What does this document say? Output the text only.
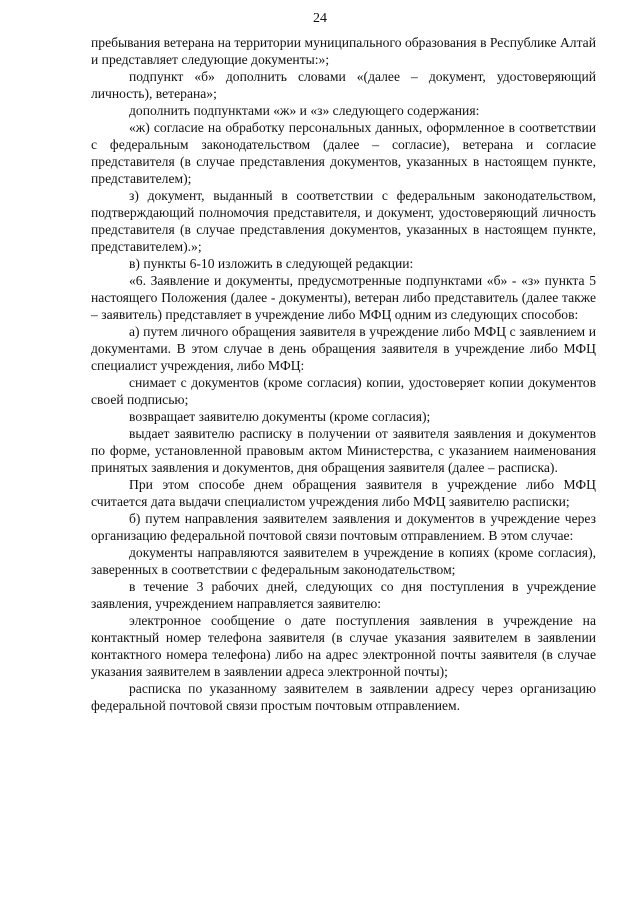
24

пребывания ветерана на территории муниципального образования в Республике Алтай и представляет следующие документы:»;

подпункт «б» дополнить словами «(далее – документ, удостоверяющий личность), ветерана»;

дополнить подпунктами «ж» и «з» следующего содержания:

«ж) согласие на обработку персональных данных, оформленное в соответствии с федеральным законодательством (далее – согласие), ветерана и согласие представителя (в случае представления документов, указанных в настоящем пункте, представителем);

з) документ, выданный в соответствии с федеральным законодательством, подтверждающий полномочия представителя, и документ, удостоверяющий личность представителя (в случае представления документов, указанных в настоящем пункте, представителем).»;

в) пункты 6-10 изложить в следующей редакции:

«6. Заявление и документы, предусмотренные подпунктами «б» - «з» пункта 5 настоящего Положения (далее - документы), ветеран либо представитель (далее также – заявитель) представляет в учреждение либо МФЦ одним из следующих способов:

а) путем личного обращения заявителя в учреждение либо МФЦ с заявлением и документами. В этом случае в день обращения заявителя в учреждение либо МФЦ специалист учреждения, либо МФЦ:

снимает с документов (кроме согласия) копии, удостоверяет копии документов своей подписью;

возвращает заявителю документы (кроме согласия);

выдает заявителю расписку в получении от заявителя заявления и документов по форме, установленной правовым актом Министерства, с указанием наименования принятых заявления и документов, дня обращения заявителя (далее – расписка).

При этом способе днем обращения заявителя в учреждение либо МФЦ считается дата выдачи специалистом учреждения либо МФЦ заявителю расписки;

б) путем направления заявителем заявления и документов в учреждение через организацию федеральной почтовой связи почтовым отправлением. В этом случае:

документы направляются заявителем в учреждение в копиях (кроме согласия), заверенных в соответствии с федеральным законодательством;

в течение 3 рабочих дней, следующих со дня поступления в учреждение заявления, учреждением направляется заявителю:

электронное сообщение о дате поступления заявления в учреждение на контактный номер телефона заявителя (в случае указания заявителем в заявлении контактного номера телефона) либо на адрес электронной почты заявителя (в случае указания заявителем в заявлении адреса электронной почты);

расписка по указанному заявителем в заявлении адресу через организацию федеральной почтовой связи простым почтовым отправлением.
